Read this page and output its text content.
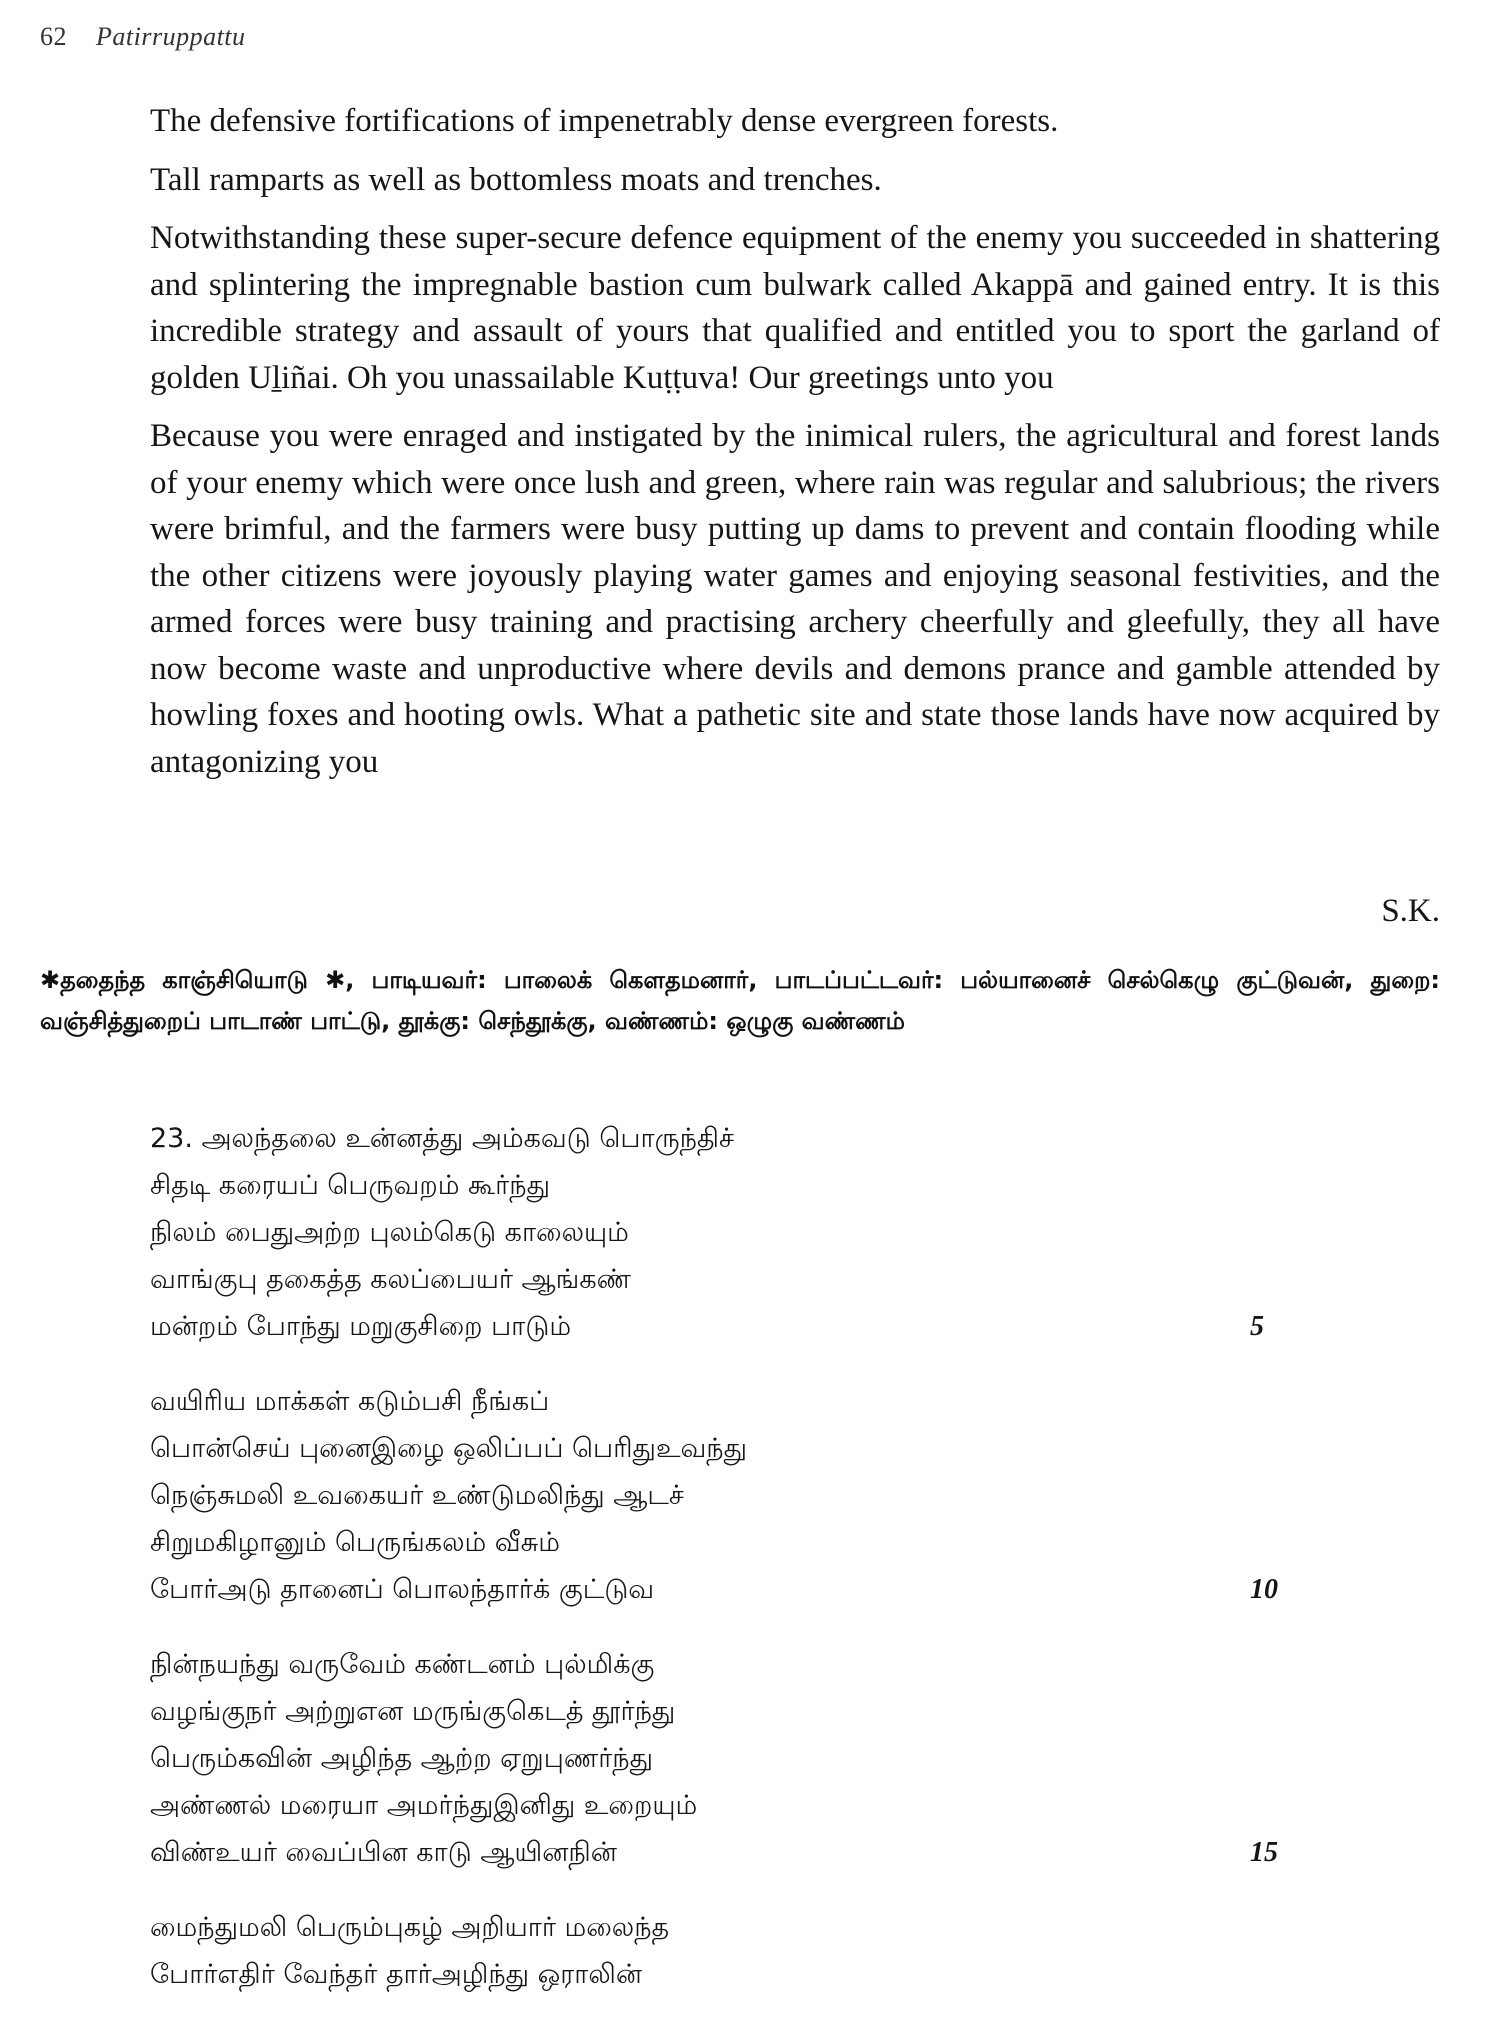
62 Patirruppattu

The defensive fortifications of impenetrably dense evergreen forests.

Tall ramparts as well as bottomless moats and trenches.

Notwithstanding these super-secure defence equipment of the enemy you succeeded in shattering and splintering the impregnable bastion cum bulwark called Akappā and gained entry. It is this incredible strategy and assault of yours that qualified and entitled you to sport the garland of golden Uḻiñai. Oh you unassailable Kuṭṭuva! Our greetings unto you

Because you were enraged and instigated by the inimical rulers, the agricultural and forest lands of your enemy which were once lush and green, where rain was regular and salubrious; the rivers were brimful, and the farmers were busy putting up dams to prevent and contain flooding while the other citizens were joyously playing water games and enjoying seasonal festivities, and the armed forces were busy training and practising archery cheerfully and gleefully, they all have now become waste and unproductive where devils and demons prance and gamble attended by howling foxes and hooting owls. What a pathetic site and state those lands have now acquired by antagonizing you

S.K.
✱ததைந்த காஞ்சியொடு ✱, பாடியவர்: பாலைக் கௌதமனார், பாடப்பட்டவர்: பல்யானைச் செல்கெழு குட்டுவன், துறை: வஞ்சித்துறைப் பாடாண் பாட்டு, தூக்கு: செந்தூக்கு, வண்ணம்: ஒழுகு வண்ணம்
23. அலந்தலை உன்னத்து அம்கவடு பொருந்திச்
சிதடி கரையப் பெருவறம் கூர்ந்து
நிலம் பைதுஅற்ற புலம்கெடு காலையும்
வாங்குபு தகைத்த கலப்பையர் ஆங்கண்
மன்றம் போந்து மறுகுசிறை பாடும்	5
வயிரிய மாக்கள் கடும்பசி நீங்கப்
பொன்செய் புனைஇழை ஒலிப்பப் பெரிதுஉவந்து
நெஞ்சுமலி உவகையர் உண்டுமலிந்து ஆடச்
சிறுமகிழானும் பெருங்கலம் வீசும்
போர்அடு தானைப் பொலந்தார்க் குட்டுவ	10
நின்நயந்து வருவேம் கண்டனம் புல்மிக்கு
வழங்குநர் அற்றுஎன மருங்குகெடத் தூர்ந்து
பெரும்கவின் அழிந்த ஆற்ற ஏறுபுணர்ந்து
அண்ணல் மரையா அமர்ந்துஇனிது உறையும்
விண்உயர் வைப்பின காடு ஆயினநின்	15
மைந்துமலி பெரும்புகழ் அறியார் மலைந்த
போர்எதிர் வேந்தர் தார்அழிந்து ஒராலின்
